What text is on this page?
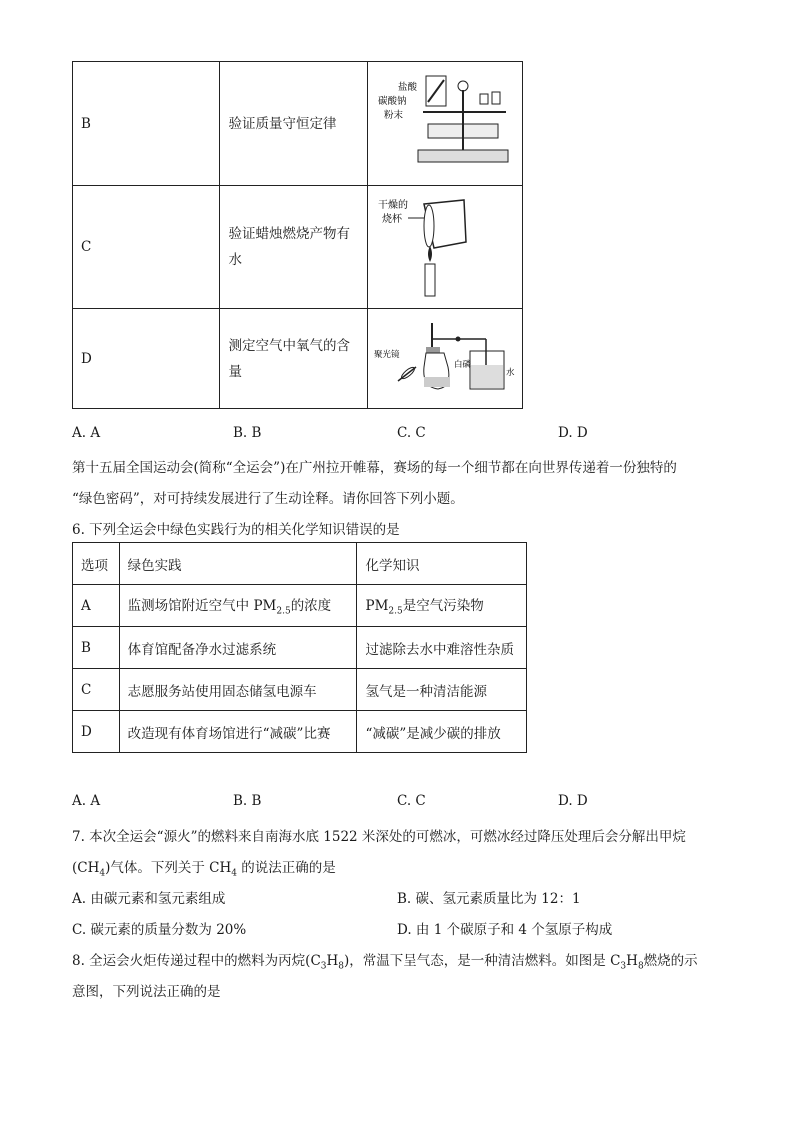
B	验证质量守恒定律	盐酸
碳酸钠
粉末

C	验证蜡烛燃烧产物有水	干燥的
烧杯

D	测定空气中氧气的含量	聚光镜
白磷
水
A. A	B. B	C. C	D. D
第十五届全国运动会(简称“全运会”)在广州拉开帷幕，赛场的每一个细节都在向世界传递着一份独特的
“绿色密码”，对可持续发展进行了生动诠释。请你回答下列小题。
6. 下列全运会中绿色实践行为的相关化学知识错误的是
选项	绿色实践	化学知识
A	监测场馆附近空气中 $PM_{2.5}$的浓度	$PM_{2.5}$是空气污染物
B	体育馆配备净水过滤系统	过滤除去水中难溶性杂质
C	志愿服务站使用固态储氢电源车	氢气是一种清洁能源
D	改造现有体育场馆进行“减碳”比赛	“减碳”是减少碳的排放
A. A	B. B	C. C	D. D
7. 本次全运会“源火”的燃料来自南海水底 1522 米深处的可燃冰，可燃冰经过降压处理后会分解出甲烷
$(CH_4)$气体。下列关于 $CH_4$ 的说法正确的是
A. 由碳元素和氢元素组成	B. 碳、氢元素质量比为 12：1
C. 碳元素的质量分数为 20%	D. 由 1 个碳原子和 4 个氢原子构成
8. 全运会火炬传递过程中的燃料为丙烷$(C_3H_8)$，常温下呈气态，是一种清洁燃料。如图是 $C_3H_8$燃烧的示
意图，下列说法正确的是
